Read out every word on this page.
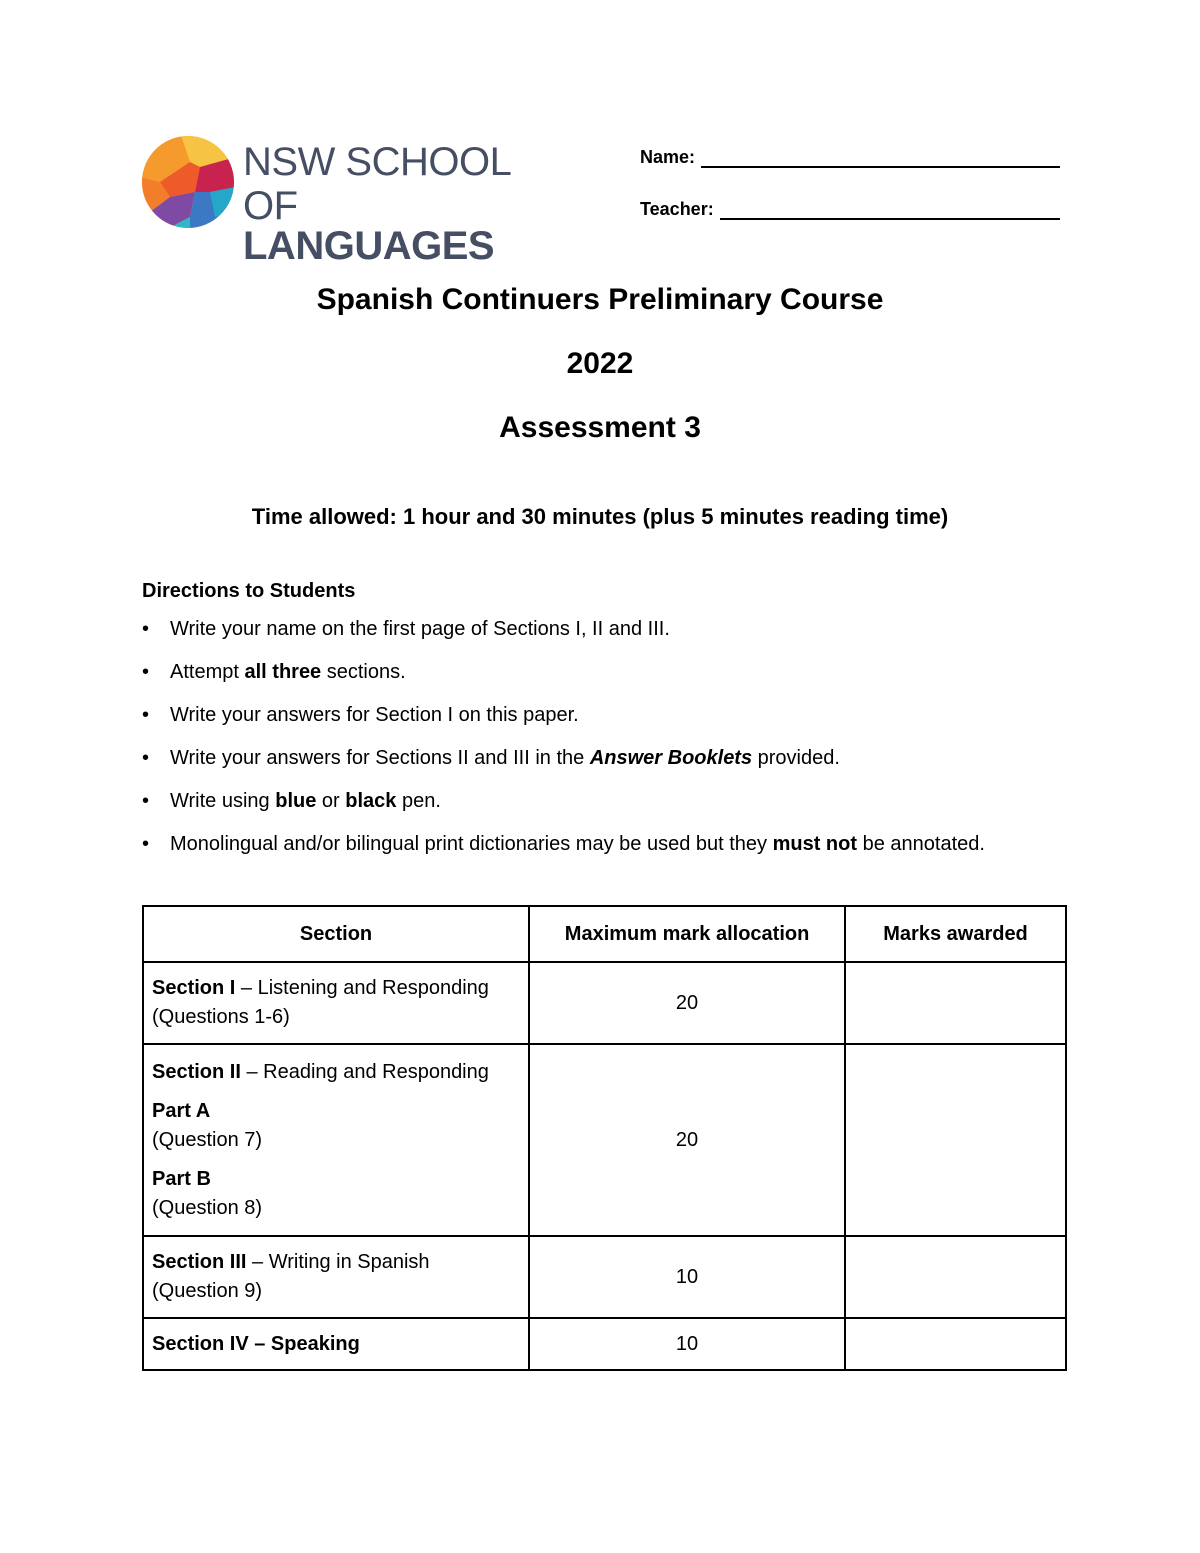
NSW SCHOOL
OF LANGUAGES
Name:
Teacher:
Spanish Continuers Preliminary Course
2022
Assessment 3
Time allowed: 1 hour and 30 minutes (plus 5 minutes reading time)
Directions to Students
• Write your name on the first page of Sections I, II and III.
• Attempt all three sections.
• Write your answers for Section I on this paper.
• Write your answers for Sections II and III in the Answer Booklets provided.
• Write using blue or black pen.
• Monolingual and/or bilingual print dictionaries may be used but they must not be annotated.
Section	Maximum mark allocation	Marks awarded
Section I – Listening and Responding
(Questions 1-6)	20	
Section II – Reading and Responding
Part A
(Question 7)
Part B
(Question 8)	20	
Section III – Writing in Spanish
(Question 9)	10	
Section IV – Speaking	10	
